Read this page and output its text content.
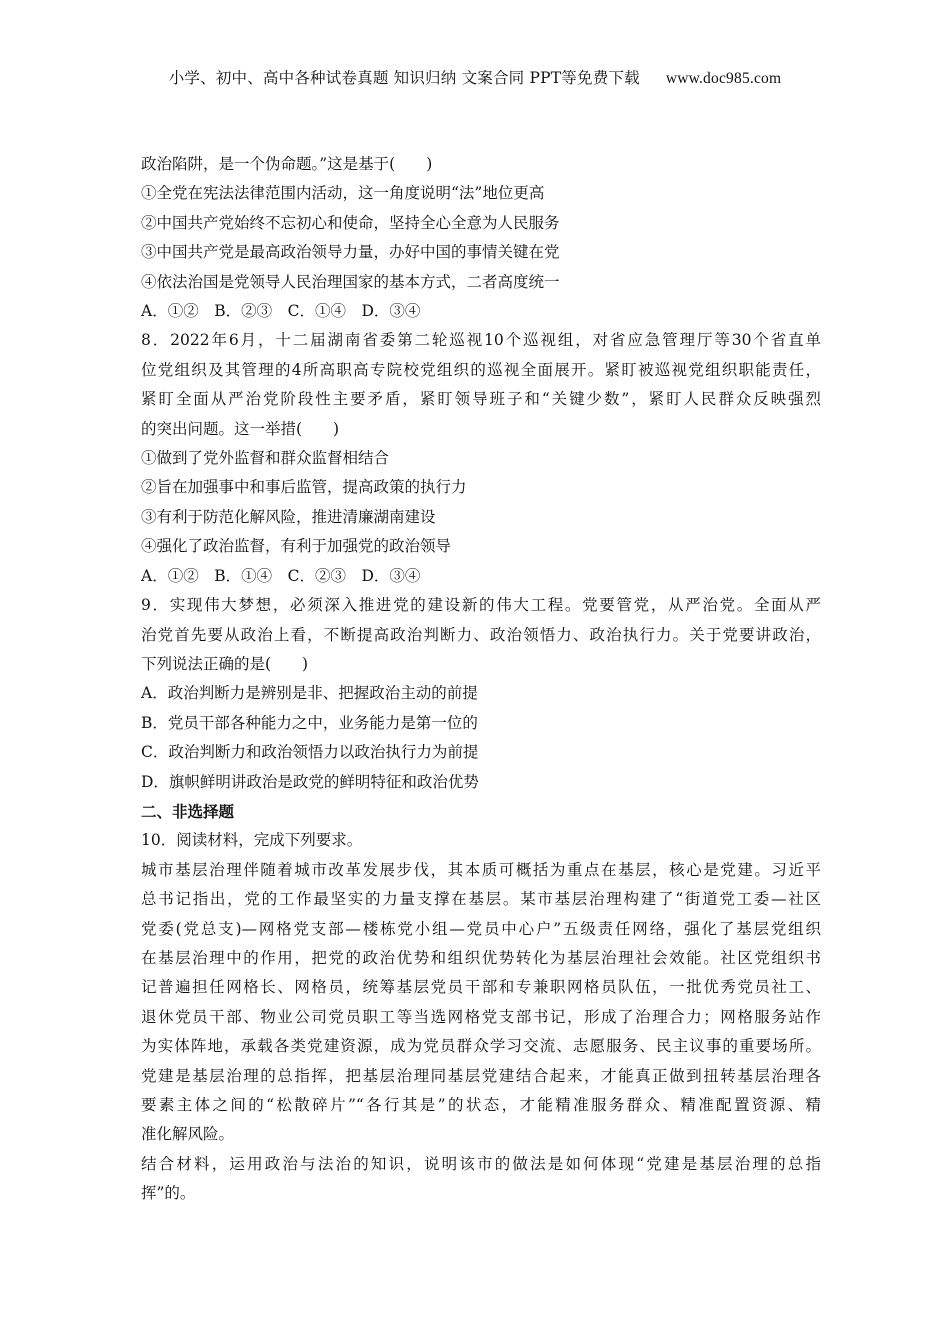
小学、初中、高中各种试卷真题 知识归纳 文案合同 PPT等免费下载 www.doc985.com
政治陷阱，是一个伪命题。”这是基于(　　)
①全党在宪法法律范围内活动，这一角度说明“法”地位更高
②中国共产党始终不忘初心和使命，坚持全心全意为人民服务
③中国共产党是最高政治领导力量，办好中国的事情关键在党
④依法治国是党领导人民治理国家的基本方式，二者高度统一
A．①②　B．②③　C．①④　D．③④
8．2022年6月，十二届湖南省委第二轮巡视10个巡视组，对省应急管理厅等30个省直单
位党组织及其管理的4所高职高专院校党组织的巡视全面展开。紧盯被巡视党组织职能责任，
紧盯全面从严治党阶段性主要矛盾，紧盯领导班子和“关键少数”，紧盯人民群众反映强烈
的突出问题。这一举措(　　)
①做到了党外监督和群众监督相结合
②旨在加强事中和事后监管，提高政策的执行力
③有利于防范化解风险，推进清廉湖南建设
④强化了政治监督，有利于加强党的政治领导
A．①②　B．①④　C．②③　D．③④
9．实现伟大梦想，必须深入推进党的建设新的伟大工程。党要管党，从严治党。全面从严
治党首先要从政治上看，不断提高政治判断力、政治领悟力、政治执行力。关于党要讲政治，
下列说法正确的是(　　)
A．政治判断力是辨别是非、把握政治主动的前提
B．党员干部各种能力之中，业务能力是第一位的
C．政治判断力和政治领悟力以政治执行力为前提
D．旗帜鲜明讲政治是政党的鲜明特征和政治优势
二、非选择题
10．阅读材料，完成下列要求。
城市基层治理伴随着城市改革发展步伐，其本质可概括为重点在基层，核心是党建。习近平
总书记指出，党的工作最坚实的力量支撑在基层。某市基层治理构建了“街道党工委—社区
党委(党总支)—网格党支部—楼栋党小组—党员中心户”五级责任网络，强化了基层党组织
在基层治理中的作用，把党的政治优势和组织优势转化为基层治理社会效能。社区党组织书
记普遍担任网格长、网格员，统筹基层党员干部和专兼职网格员队伍，一批优秀党员社工、
退休党员干部、物业公司党员职工等当选网格党支部书记，形成了治理合力；网格服务站作
为实体阵地，承载各类党建资源，成为党员群众学习交流、志愿服务、民主议事的重要场所。
党建是基层治理的总指挥，把基层治理同基层党建结合起来，才能真正做到扭转基层治理各
要素主体之间的“松散碎片”“各行其是”的状态，才能精准服务群众、精准配置资源、精
准化解风险。
结合材料，运用政治与法治的知识，说明该市的做法是如何体现“党建是基层治理的总指
挥”的。
